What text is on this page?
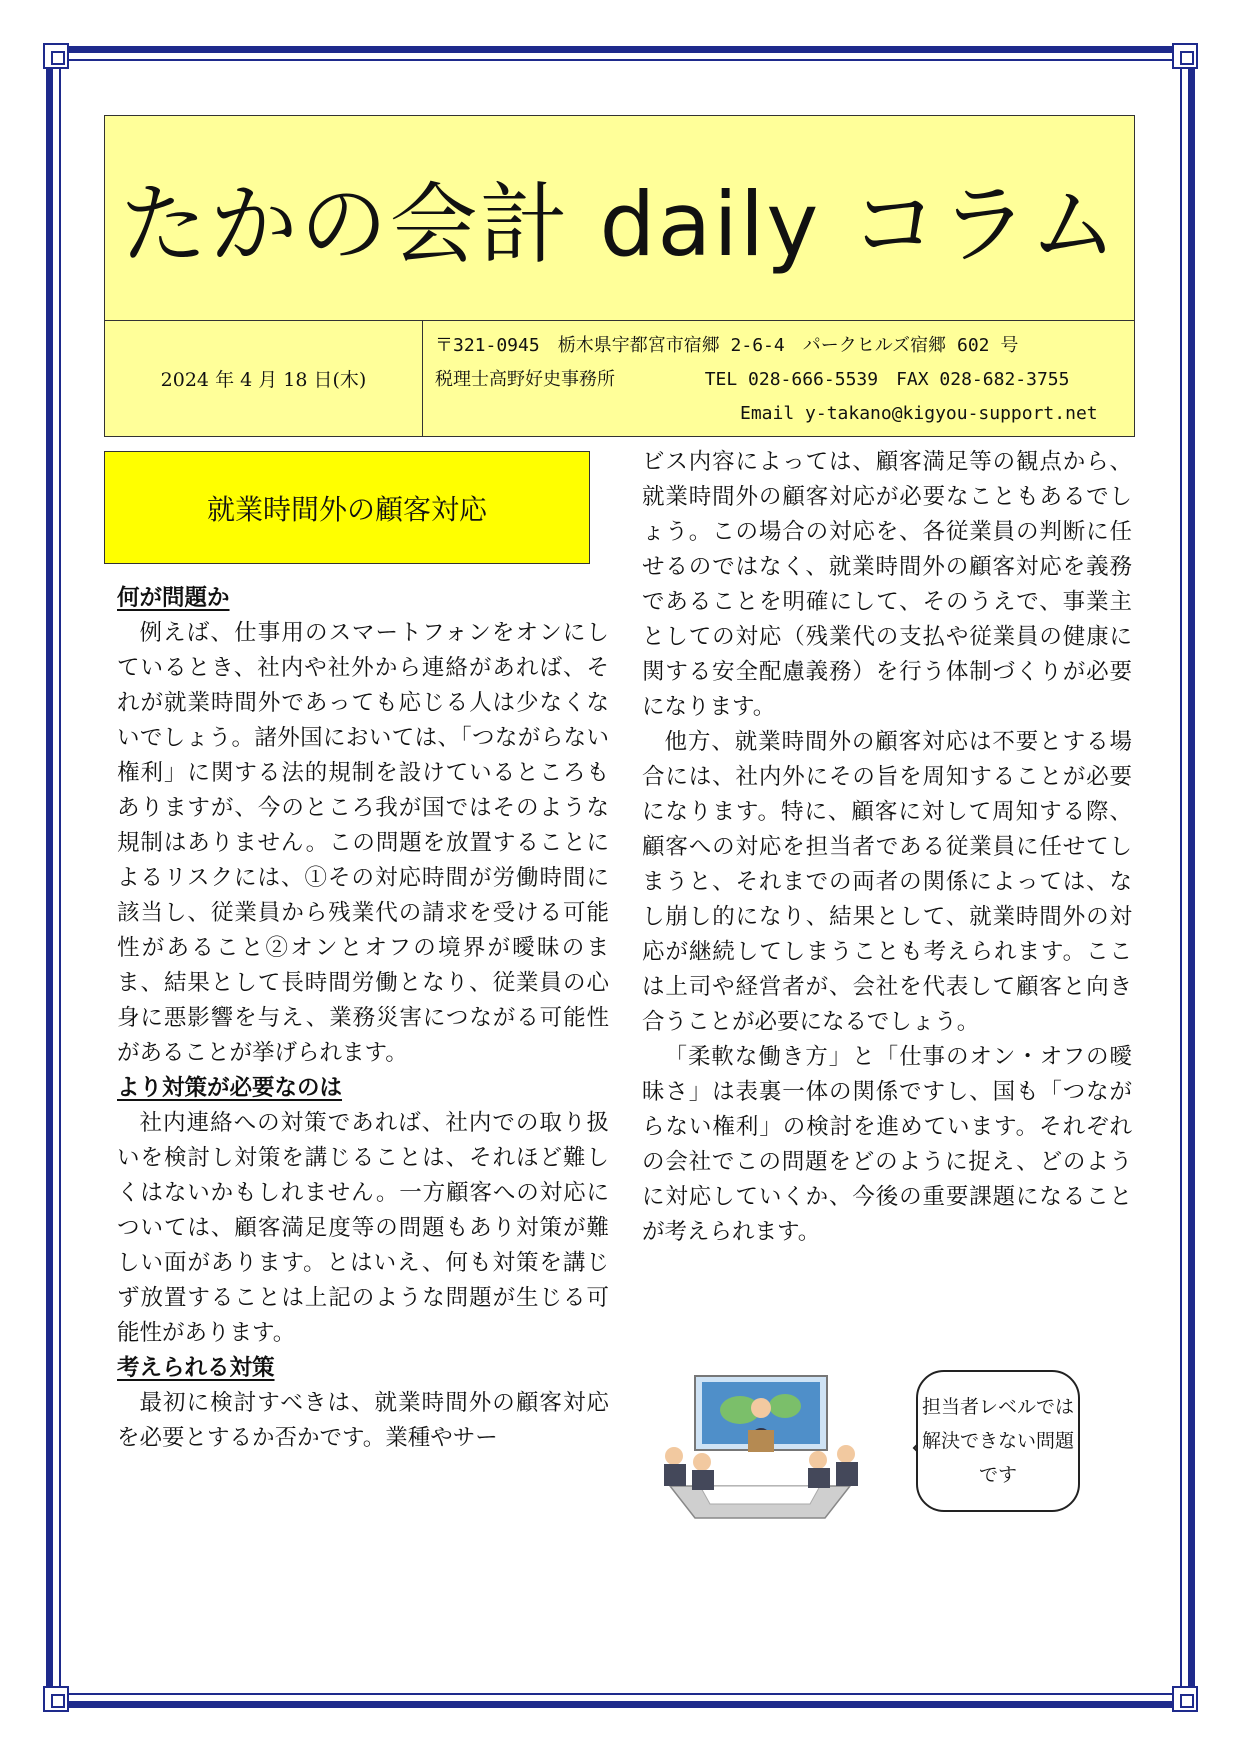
たかの会計 daily コラム
2024 年 4 月 18 日(木)
〒321-0945　栃木県宇都宮市宿郷 2-6-4　パークヒルズ宿郷 602 号
税理士高野好史事務所	TEL 028-666-5539　FAX 028-682-3755
Email y-takano@kigyou-support.net
就業時間外の顧客対応
何が問題か

例えば、仕事用のスマートフォンをオンにしているとき、社内や社外から連絡があれば、それが就業時間外であっても応じる人は少なくないでしょう。諸外国においては、「つながらない権利」に関する法的規制を設けているところもありますが、今のところ我が国ではそのような規制はありません。この問題を放置することによるリスクには、①その対応時間が労働時間に該当し、従業員から残業代の請求を受ける可能性があること②オンとオフの境界が曖昧のまま、結果として長時間労働となり、従業員の心身に悪影響を与え、業務災害につながる可能性があることが挙げられます。

より対策が必要なのは

社内連絡への対策であれば、社内での取り扱いを検討し対策を講じることは、それほど難しくはないかもしれません。一方顧客への対応については、顧客満足度等の問題もあり対策が難しい面があります。とはいえ、何も対策を講じず放置することは上記のような問題が生じる可能性があります。

考えられる対策

最初に検討すべきは、就業時間外の顧客対応を必要とするか否かです。業種やサー

ビス内容によっては、顧客満足等の観点から、就業時間外の顧客対応が必要なこともあるでしょう。この場合の対応を、各従業員の判断に任せるのではなく、就業時間外の顧客対応を義務であることを明確にして、そのうえで、事業主としての対応（残業代の支払や従業員の健康に関する安全配慮義務）を行う体制づくりが必要になります。

他方、就業時間外の顧客対応は不要とする場合には、社内外にその旨を周知することが必要になります。特に、顧客に対して周知する際、顧客への対応を担当者である従業員に任せてしまうと、それまでの両者の関係によっては、なし崩し的になり、結果として、就業時間外の対応が継続してしまうことも考えられます。ここは上司や経営者が、会社を代表して顧客と向き合うことが必要になるでしょう。

「柔軟な働き方」と「仕事のオン・オフの曖昧さ」は表裏一体の関係ですし、国も「つながらない権利」の検討を進めています。それぞれの会社でこの問題をどのように捉え、どのように対応していくか、今後の重要課題になることが考えられます。

担当者レベルでは解決できない問題です
